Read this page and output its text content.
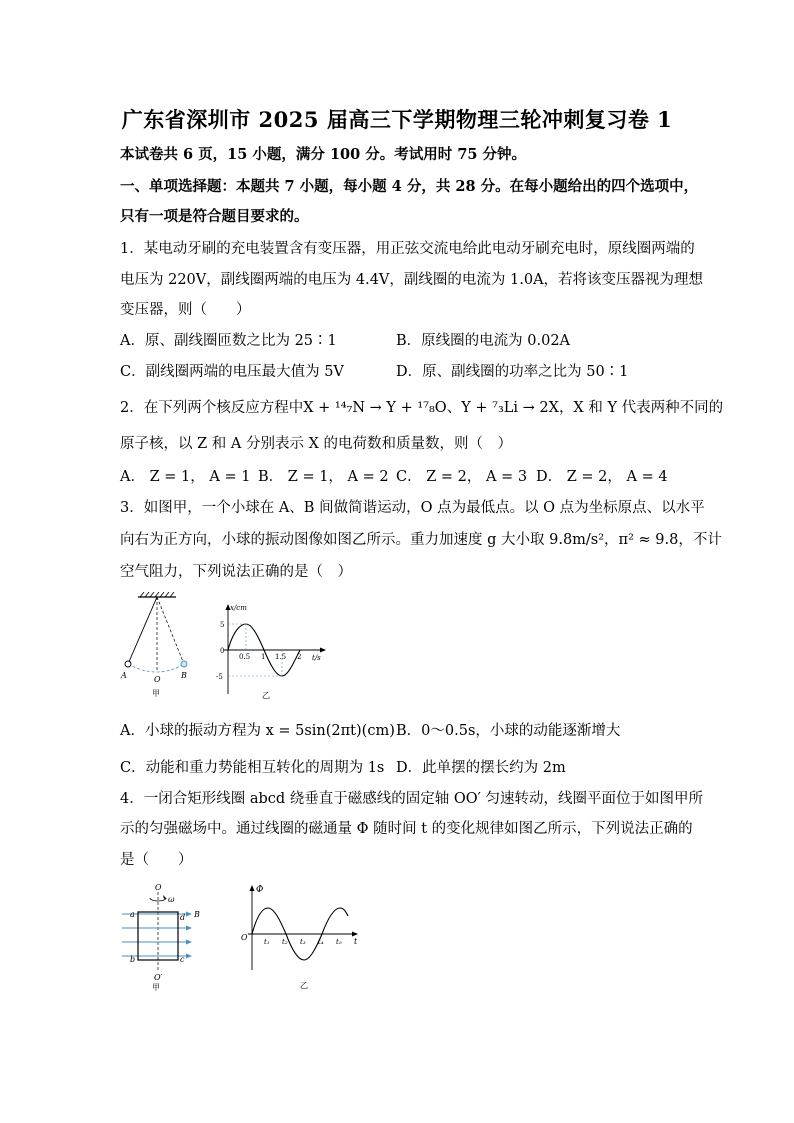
广东省深圳市 2025 届高三下学期物理三轮冲刺复习卷 1
本试卷共 6 页，15 小题，满分 100 分。考试用时 75 分钟。
一、单项选择题：本题共 7 小题，每小题 4 分，共 28 分。在每小题给出的四个选项中，
只有一项是符合题目要求的。
1．某电动牙刷的充电装置含有变压器，用正弦交流电给此电动牙刷充电时，原线圈两端的
电压为 220V，副线圈两端的电压为 4.4V，副线圈的电流为 1.0A，若将该变压器视为理想
变压器，则（　　）
A．原、副线圈匝数之比为 25∶1	B．原线圈的电流为 0.02A
C．副线圈两端的电压最大值为 5V	D．原、副线圈的功率之比为 50∶1
2．在下列两个核反应方程中X + ¹⁴₇N → Y + ¹⁷₈O、Y + ⁷₃Li → 2X，X 和 Y 代表两种不同的
原子核，以 Z 和 A 分别表示 X 的电荷数和质量数，则（　）
A． Z = 1， A = 1 B． Z = 1， A = 2 C． Z = 2， A = 3 D． Z = 2， A = 4
3．如图甲，一个小球在 A、B 间做简谐运动，O 点为最低点。以 O 点为坐标原点、以水平
向右为正方向，小球的振动图像如图乙所示。重力加速度 g 大小取 9.8m/s²，π² ≈ 9.8，不计
空气阻力，下列说法正确的是（　）
A	O	B
甲
x/cm
t/s
5
0
-5
0.5 1 1.5 2
乙
A．小球的振动方程为 x = 5sin(2πt)(cm) B．0～0.5s，小球的动能逐渐增大
C．动能和重力势能相互转化的周期为 1s D．此单摆的摆长约为 2m
4．一闭合矩形线圈 abcd 绕垂直于磁感线的固定轴 OO′ 匀速转动，线圈平面位于如图甲所
示的匀强磁场中。通过线圈的磁通量 Φ 随时间 t 的变化规律如图乙所示，下列说法正确的
是（　　）
O
ω
a	d B
b	c
O′
甲
Φ
O	t
t₁ t₂ t₃ t₄ t₅
乙
